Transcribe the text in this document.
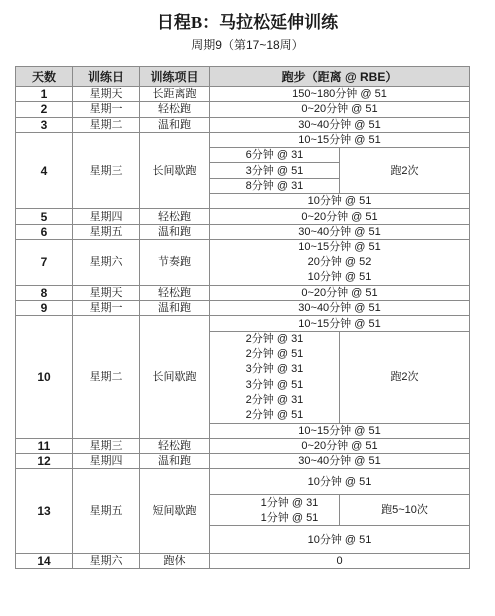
日程B：马拉松延伸训练
周期9（第17~18周）
天数	训练日	训练项目	跑步（距离 @ RBE）	
1	星期天	长距离跑	150~180分钟 @ 51	
2	星期一	轻松跑	0~20分钟 @ 51	
3	星期二	温和跑	30~40分钟 @ 51	
4	星期三	长间歇跑	10~15分钟 @ 51	
			6分钟 @ 31	跑2次
			3分钟 @ 51	
			8分钟 @ 31	
			10分钟 @ 51	
5	星期四	轻松跑	0~20分钟 @ 51	
6	星期五	温和跑	30~40分钟 @ 51	
7	星期六	节奏跑	10~15分钟 @ 51	
			20分钟 @ 52	
			10分钟 @ 51	
8	星期天	轻松跑	0~20分钟 @ 51	
9	星期一	温和跑	30~40分钟 @ 51	
10	星期二	长间歇跑	10~15分钟 @ 51	
			2分钟 @ 31	跑2次
			2分钟 @ 51	
			3分钟 @ 31	
			3分钟 @ 51	
			2分钟 @ 31	
			2分钟 @ 51	
			10~15分钟 @ 51	
11	星期三	轻松跑	0~20分钟 @ 51	
12	星期四	温和跑	30~40分钟 @ 51	
13	星期五	短间歇跑	10分钟 @ 51	
			1分钟 @ 31	跑5~10次
			1分钟 @ 51	
			10分钟 @ 51	
14	星期六	跑休	0	
